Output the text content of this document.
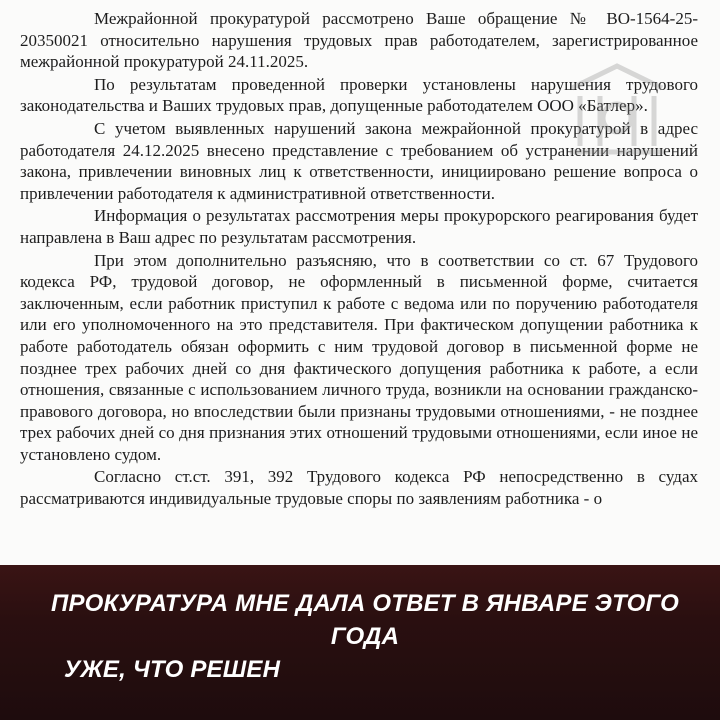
Межрайонной прокуратурой рассмотрено Ваше обращение № ВО-1564-25-20350021 относительно нарушения трудовых прав работодателем, зарегистрированное межрайонной прокуратурой 24.11.2025.

По результатам проведенной проверки установлены нарушения трудового законодательства и Ваших трудовых прав, допущенные работодателем ООО «Батлер».

С учетом выявленных нарушений закона межрайонной прокуратурой в адрес работодателя 24.12.2025 внесено представление с требованием об устранении нарушений закона, привлечении виновных лиц к ответственности, инициировано решение вопроса о привлечении работодателя к административной ответственности.

Информация о результатах рассмотрения меры прокурорского реагирования будет направлена в Ваш адрес по результатам рассмотрения.

При этом дополнительно разъясняю, что в соответствии со ст. 67 Трудового кодекса РФ, трудовой договор, не оформленный в письменной форме, считается заключенным, если работник приступил к работе с ведома или по поручению работодателя или его уполномоченного на это представителя. При фактическом допущении работника к работе работодатель обязан оформить с ним трудовой договор в письменной форме не позднее трех рабочих дней со дня фактического допущения работника к работе, а если отношения, связанные с использованием личного труда, возникли на основании гражданско-правового договора, но впоследствии были признаны трудовыми отношениями, - не позднее трех рабочих дней со дня признания этих отношений трудовыми отношениями, если иное не установлено судом.

Согласно ст.ст. 391, 392 Трудового кодекса РФ непосредственно в судах рассматриваются индивидуальные трудовые споры по заявлениям работника - о

ПРОКУРАТУРА МНЕ ДАЛА ОТВЕТ В ЯНВАРЕ ЭТОГО ГОДА
УЖЕ, ЧТО РЕШЕН
